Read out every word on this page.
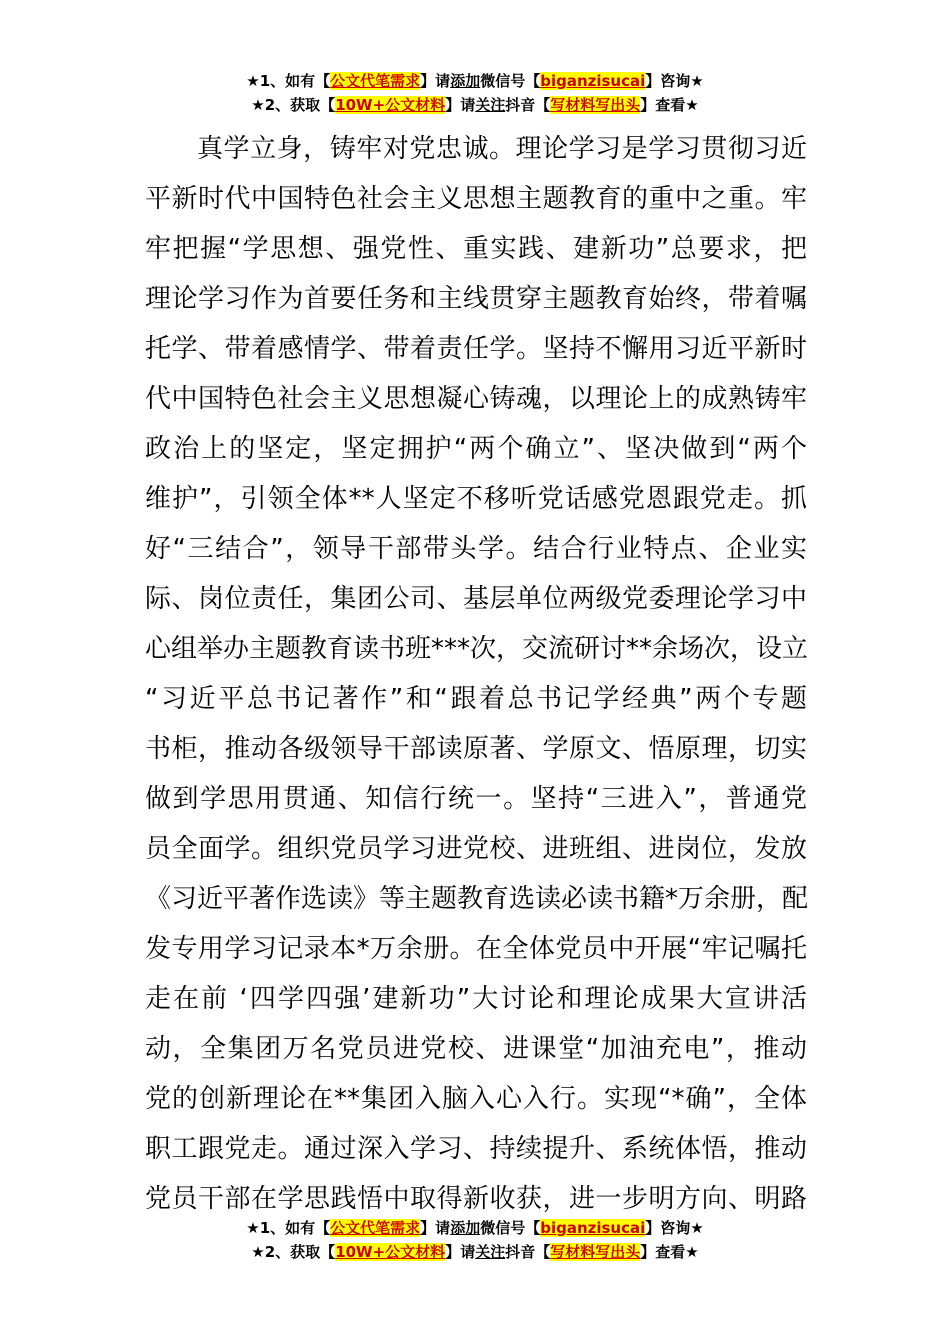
★1、如有【公文代笔需求】请添加微信号【biganzisucai】咨询★
★2、获取【10W+公文材料】请关注抖音【写材料写出头】查看★
真学立身，铸牢对党忠诚。理论学习是学习贯彻习近
平新时代中国特色社会主义思想主题教育的重中之重。牢
牢把握“学思想、强党性、重实践、建新功”总要求，把
理论学习作为首要任务和主线贯穿主题教育始终，带着嘱
托学、带着感情学、带着责任学。坚持不懈用习近平新时
代中国特色社会主义思想凝心铸魂，以理论上的成熟铸牢
政治上的坚定，坚定拥护“两个确立”、坚决做到“两个
维护”，引领全体**人坚定不移听党话感党恩跟党走。抓
好“三结合”，领导干部带头学。结合行业特点、企业实
际、岗位责任，集团公司、基层单位两级党委理论学习中
心组举办主题教育读书班***次，交流研讨**余场次，设立
“习近平总书记著作”和“跟着总书记学经典”两个专题
书柜，推动各级领导干部读原著、学原文、悟原理，切实
做到学思用贯通、知信行统一。坚持“三进入”，普通党
员全面学。组织党员学习进党校、进班组、进岗位，发放
《习近平著作选读》等主题教育选读必读书籍*万余册，配
发专用学习记录本*万余册。在全体党员中开展“牢记嘱托
走在前 ‘四学四强’建新功”大讨论和理论成果大宣讲活
动，全集团万名党员进党校、进课堂“加油充电”，推动
党的创新理论在**集团入脑入心入行。实现“*确”，全体
职工跟党走。通过深入学习、持续提升、系统体悟，推动
党员干部在学思践悟中取得新收获，进一步明方向、明路
★1、如有【公文代笔需求】请添加微信号【biganzisucai】咨询★
★2、获取【10W+公文材料】请关注抖音【写材料写出头】查看★
